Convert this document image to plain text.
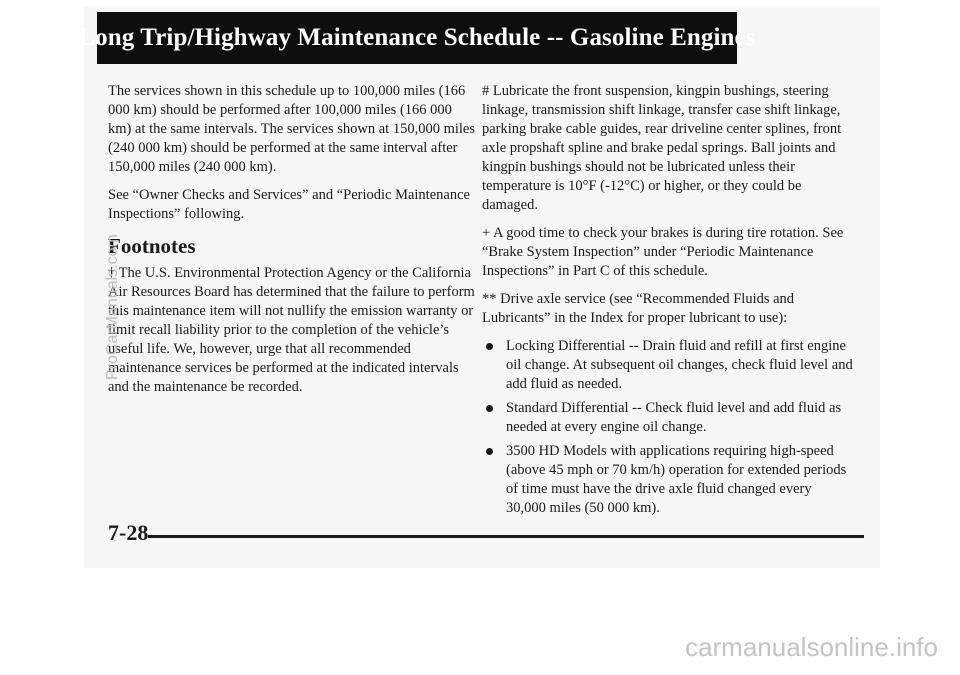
Long Trip/Highway Maintenance Schedule -- Gasoline Engines

The services shown in this schedule up to 100,000 miles (166 000 km) should be performed after 100,000 miles (166 000 km) at the same intervals. The services shown at 150,000 miles (240 000 km) should be performed at the same interval after 150,000 miles (240 000 km).

See “Owner Checks and Services” and “Periodic Maintenance Inspections” following.

Footnotes

† The U.S. Environmental Protection Agency or the California Air Resources Board has determined that the failure to perform this maintenance item will not nullify the emission warranty or limit recall liability prior to the completion of the vehicle’s useful life. We, however, urge that all recommended maintenance services be performed at the indicated intervals and the maintenance be recorded.

# Lubricate the front suspension, kingpin bushings, steering linkage, transmission shift linkage, transfer case shift linkage, parking brake cable guides, rear driveline center splines, front axle propshaft spline and brake pedal springs. Ball joints and kingpin bushings should not be lubricated unless their temperature is 10°F (-12°C) or higher, or they could be damaged.

+ A good time to check your brakes is during tire rotation. See “Brake System Inspection” under “Periodic Maintenance Inspections” in Part C of this schedule.

** Drive axle service (see “Recommended Fluids and Lubricants” in the Index for proper lubricant to use):

Locking Differential -- Drain fluid and refill at first engine oil change. At subsequent oil changes, check fluid level and add fluid as needed.
Standard Differential -- Check fluid level and add fluid as needed at every engine oil change.
3500 HD Models with applications requiring high-speed (above 45 mph or 70 km/h) operation for extended periods of time must have the drive axle fluid changed every 30,000 miles (50 000 km).
7-28
ProCarManuals.com
carmanualsonline.info
